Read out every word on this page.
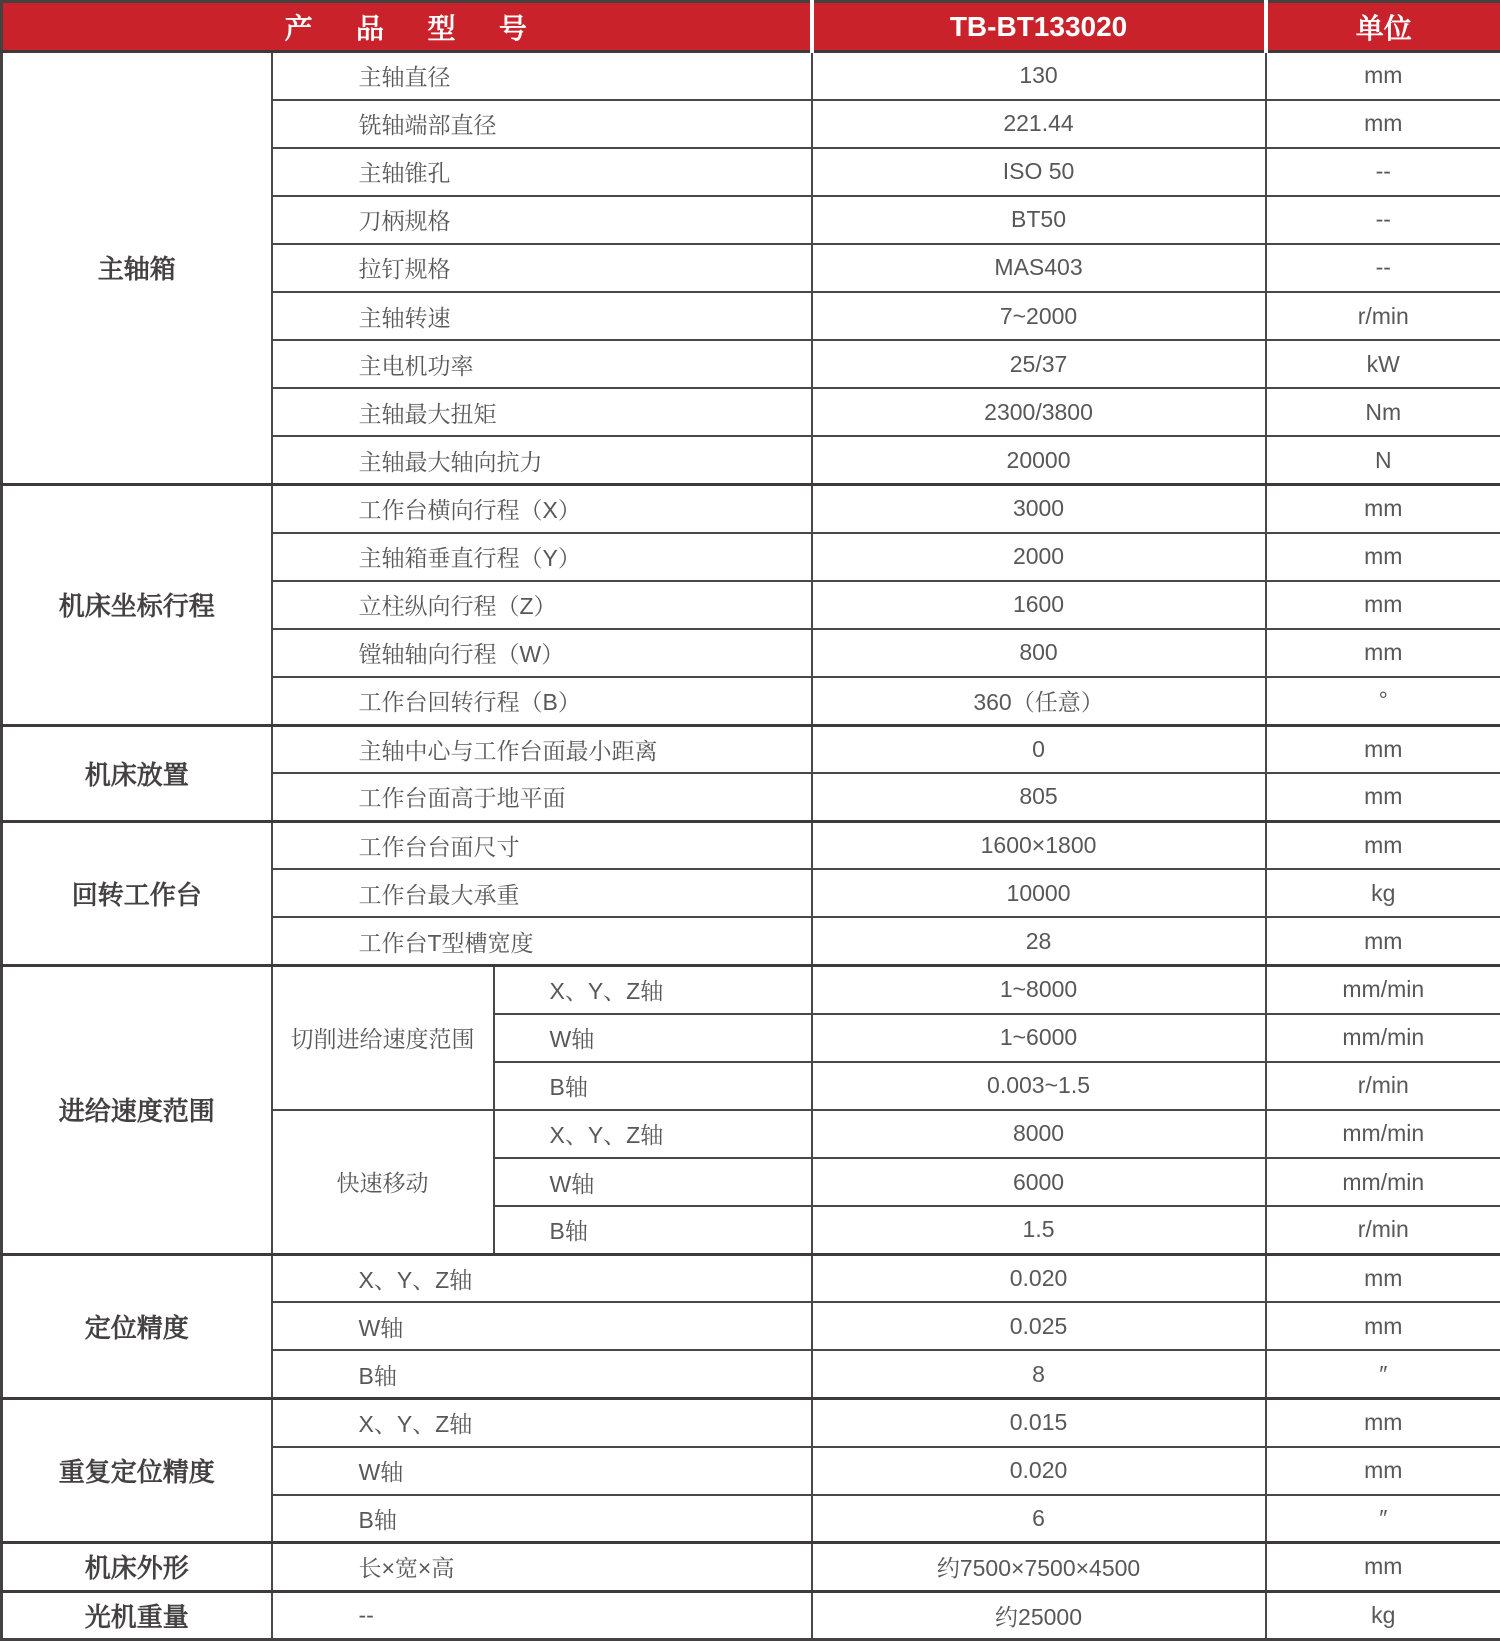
产品型号			TB-BT133020	单位
主轴箱	主轴直径		130	mm
	铣轴端部直径		221.44	mm
	主轴锥孔		ISO 50	--
	刀柄规格		BT50	--
	拉钉规格		MAS403	--
	主轴转速		7~2000	r/min
	主电机功率		25/37	kW
	主轴最大扭矩		2300/3800	Nm
	主轴最大轴向抗力		20000	N
机床坐标行程	工作台横向行程（X）		3000	mm
	主轴箱垂直行程（Y）		2000	mm
	立柱纵向行程（Z）		1600	mm
	镗轴轴向行程（W）		800	mm
	工作台回转行程（B）		360（任意）	°
机床放置	主轴中心与工作台面最小距离		0	mm
	工作台面高于地平面		805	mm
回转工作台	工作台台面尺寸		1600×1800	mm
	工作台最大承重		10000	kg
	工作台T型槽宽度		28	mm
进给速度范围	切削进给速度范围	X、Y、Z轴	1~8000	mm/min
		W轴	1~6000	mm/min
		B轴	0.003~1.5	r/min
	快速移动	X、Y、Z轴	8000	mm/min
		W轴	6000	mm/min
		B轴	1.5	r/min
定位精度	X、Y、Z轴		0.020	mm
	W轴		0.025	mm
	B轴		8	″
重复定位精度	X、Y、Z轴		0.015	mm
	W轴		0.020	mm
	B轴		6	″
机床外形	长×宽×高		约7500×7500×4500	mm
光机重量	--		约25000	kg
